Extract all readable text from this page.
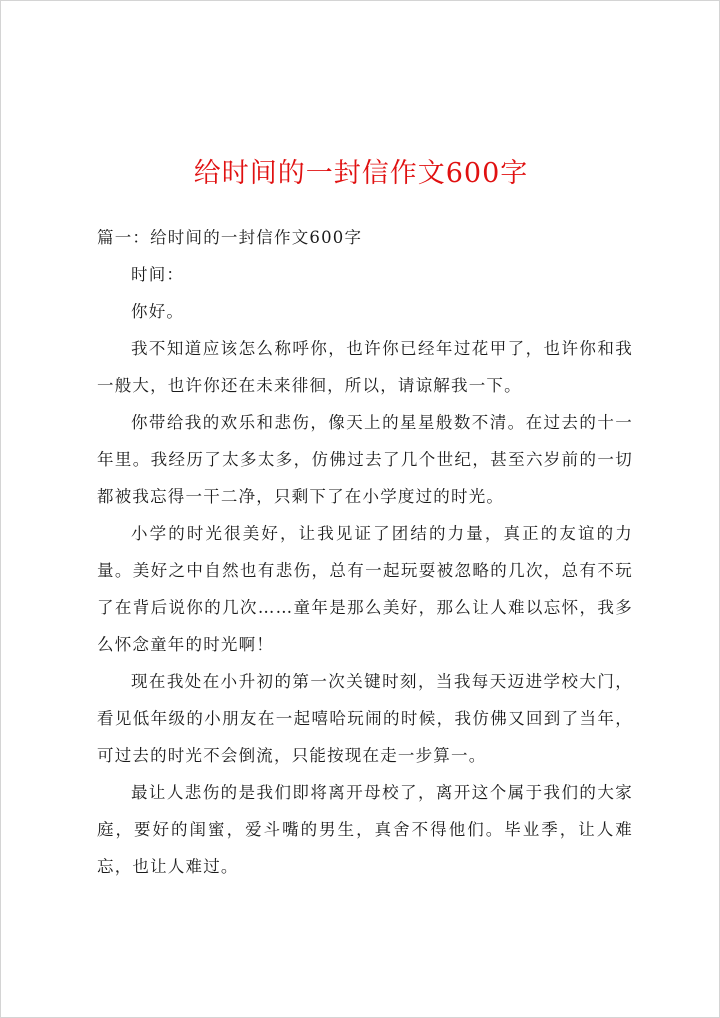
给时间的一封信作文600字

篇一：给时间的一封信作文600字

时间：

你好。

我不知道应该怎么称呼你，也许你已经年过花甲了，也许你和我一般大，也许你还在未来徘徊，所以，请谅解我一下。

你带给我的欢乐和悲伤，像天上的星星般数不清。在过去的十一年里。我经历了太多太多，仿佛过去了几个世纪，甚至六岁前的一切都被我忘得一干二净，只剩下了在小学度过的时光。

小学的时光很美好，让我见证了团结的力量，真正的友谊的力量。美好之中自然也有悲伤，总有一起玩耍被忽略的几次，总有不玩了在背后说你的几次……童年是那么美好，那么让人难以忘怀，我多么怀念童年的时光啊！

现在我处在小升初的第一次关键时刻，当我每天迈进学校大门，看见低年级的小朋友在一起嘻哈玩闹的时候，我仿佛又回到了当年，可过去的时光不会倒流，只能按现在走一步算一。

最让人悲伤的是我们即将离开母校了，离开这个属于我们的大家庭，要好的闺蜜，爱斗嘴的男生，真舍不得他们。毕业季，让人难忘，也让人难过。
